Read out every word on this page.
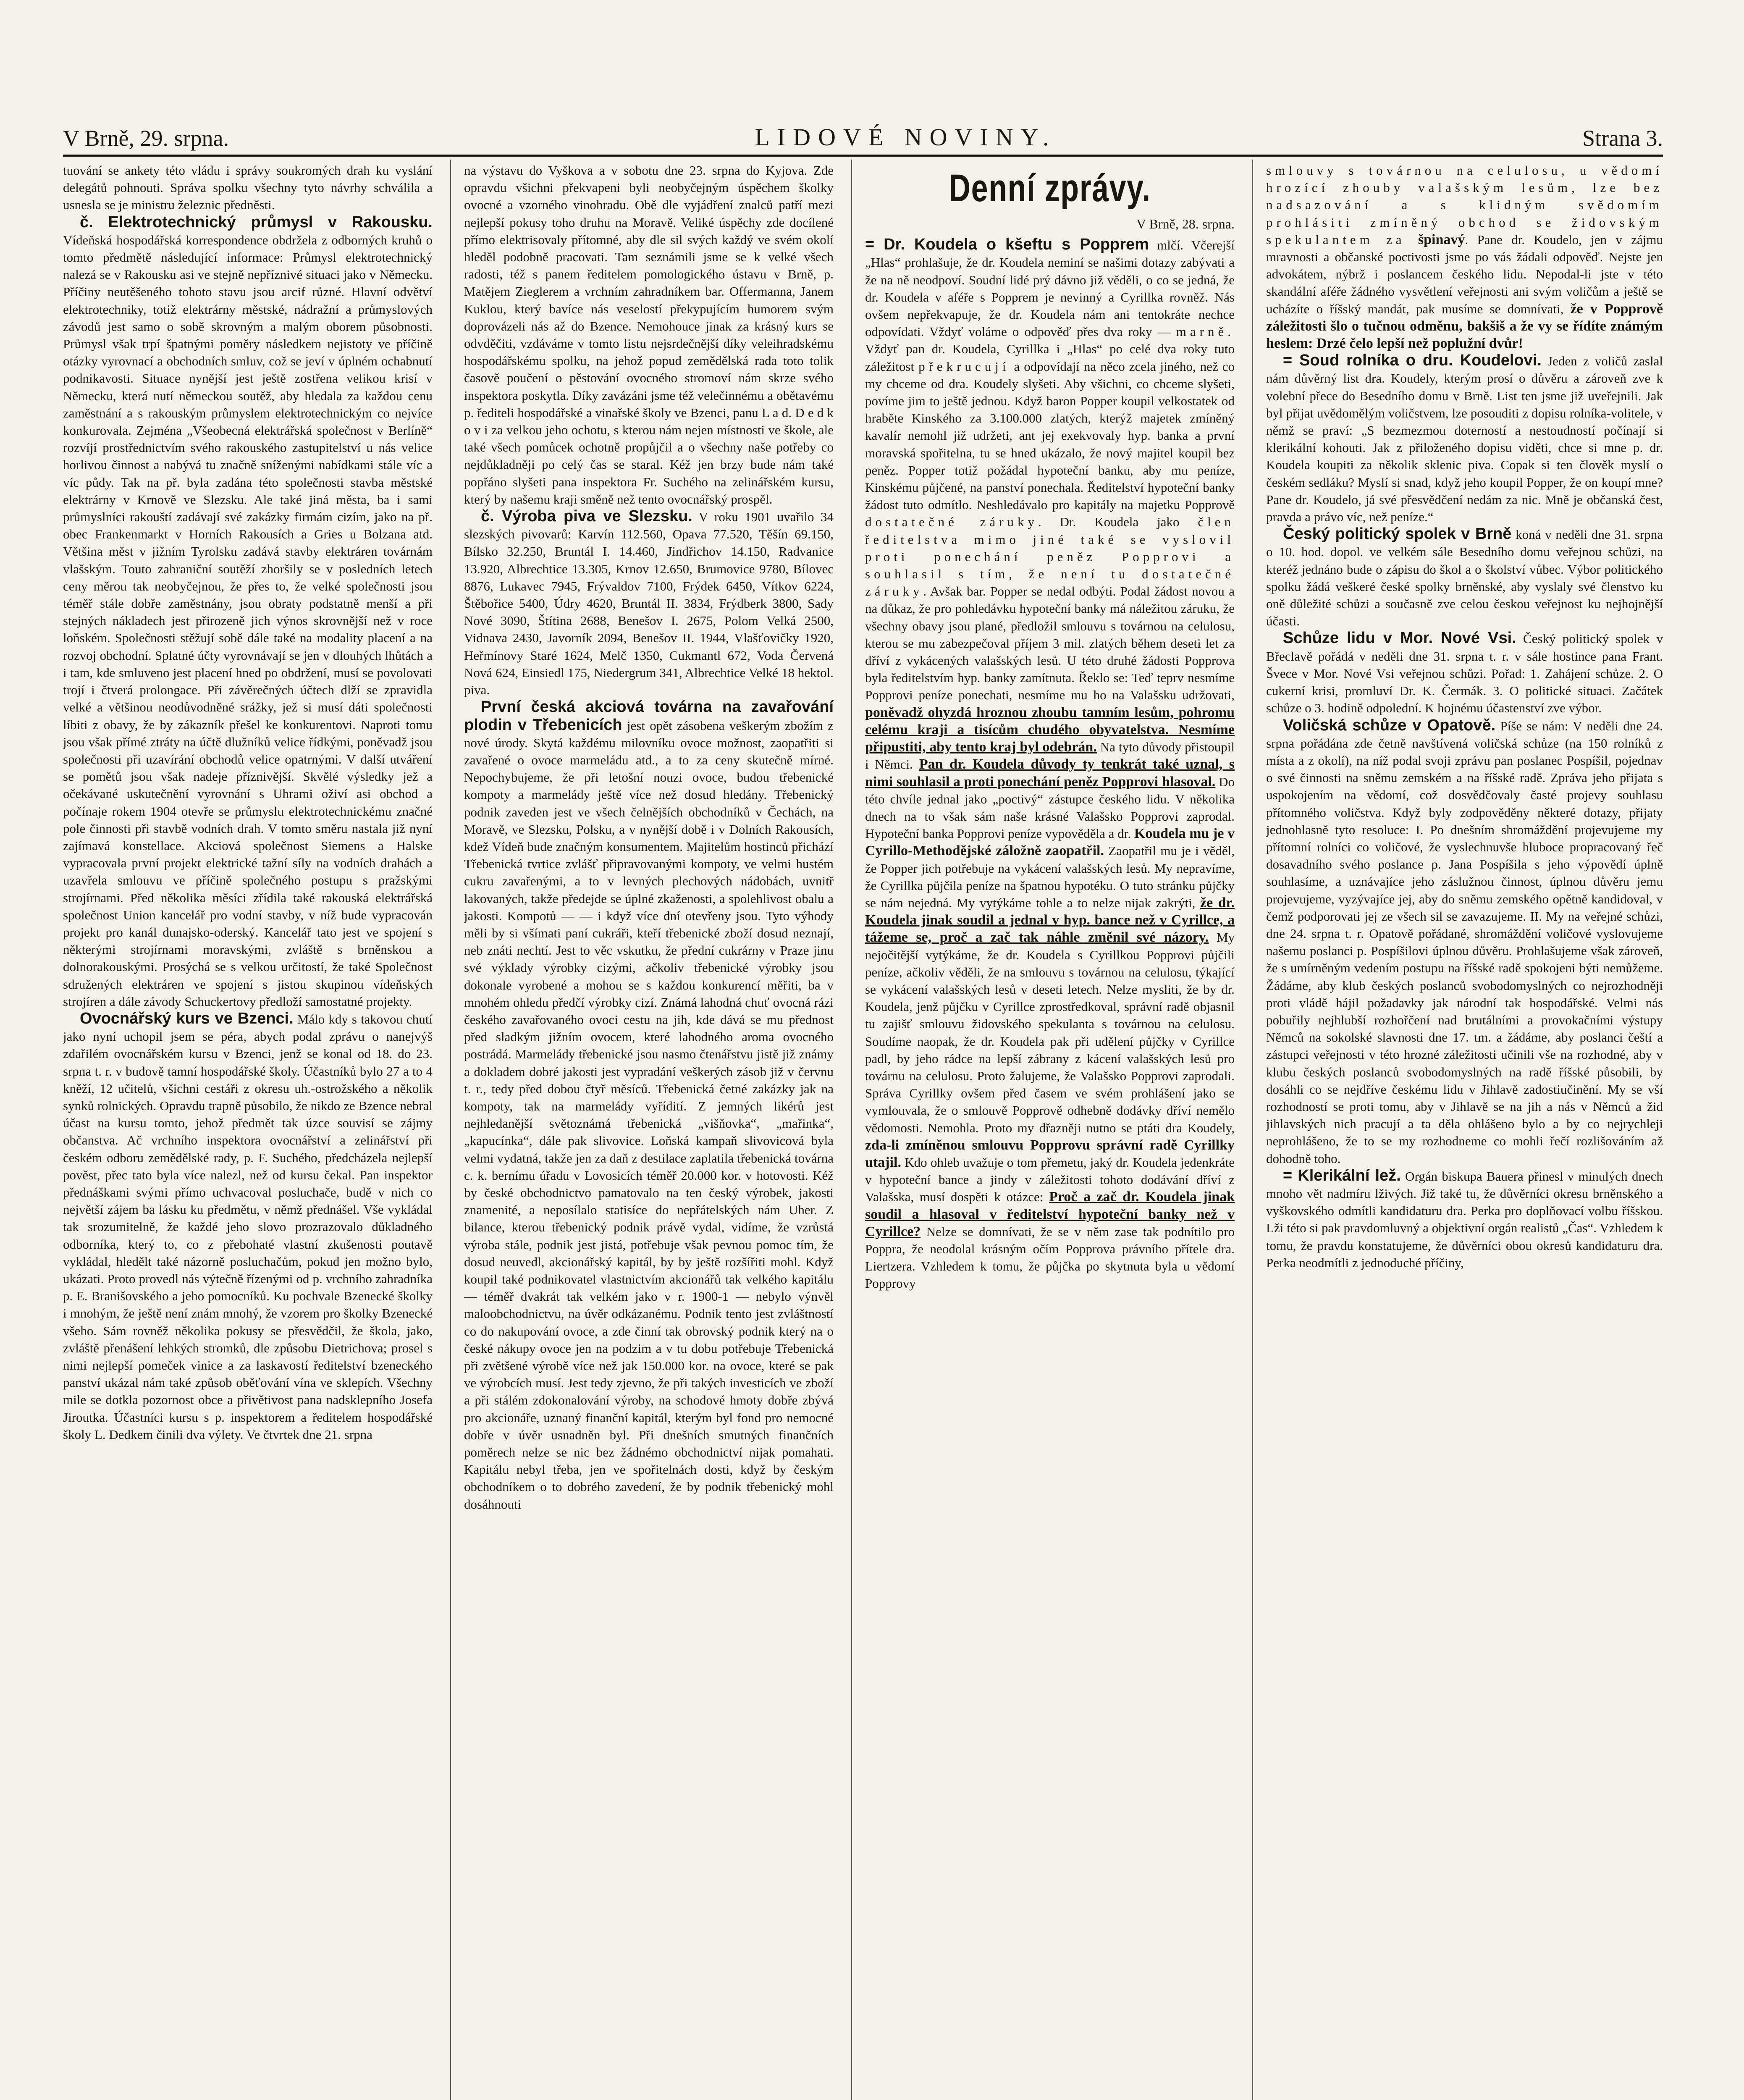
V Brně, 29. srpna.	LIDOVÉ NOVINY.	Strana 3.

tuování se ankety této vládu i správy soukromých drah ku vyslání delegátů pohnouti. Správa spolku všechny tyto návrhy schválila a usnesla se je ministru železnic předněsti.

č. Elektrotechnický průmysl v Rakousku. Vídeňská hospodářská korrespondence obdržela z odborných kruhů o tomto předmětě následující informace: Průmysl elektrotechnický nalezá se v Rakousku asi ve stejně nepříznivé situaci jako v Německu. Příčiny neutěšeného tohoto stavu jsou arcif různé. Hlavní odvětví elektrotechniky, totiž elektrárny městské, nádražní a průmyslových závodů jest samo o sobě skrovným a malým oborem působnosti. Průmysl však trpí špatnými poměry následkem nejistoty ve příčině otázky vyrovnací a obchodních smluv, což se jeví v úplném ochabnutí podnikavosti. Situace nynější jest ještě zostřena velikou krisí v Německu, která nutí německou soutěž, aby hledala za každou cenu zaměstnání a s rakouským průmyslem elektrotechnickým co nejvíce konkurovala. Zejména „Všeobecná elektrářská společnost v Berlíně“ rozvíjí prostřednictvím svého rakouského zastupitelství u nás velice horlivou činnost a nabývá tu značně sníženými nabídkami stále víc a víc půdy. Tak na př. byla zadána této společnosti stavba městské elektrárny v Krnově ve Slezsku. Ale také jiná města, ba i sami průmyslníci rakouští zadávají své zakázky firmám cizím, jako na př. obec Frankenmarkt v Horních Rakousích a Gries u Bolzana atd. Většina měst v jižním Tyrolsku zadává stavby elektráren továrnám vlašským. Touto zahraniční soutěží zhoršily se v posledních letech ceny měrou tak neobyčejnou, že přes to, že velké společnosti jsou téměř stále dobře zaměstnány, jsou obraty podstatně menší a při stejných nákladech jest přirozeně jich výnos skrovnější než v roce loňském. Společnosti stěžují sobě dále také na modality placení a na rozvoj obchodní. Splatné účty vyrovnávají se jen v dlouhých lhůtách a i tam, kde smluveno jest placení hned po obdržení, musí se povolovati trojí i čtverá prolongace. Při závěrečných účtech dlží se zpravidla velké a většinou neodůvodněné srážky, jež si musí dáti společnosti líbiti z obavy, že by zákazník přešel ke konkurentovi. Naproti tomu jsou však přímé ztráty na účtě dlužníků velice řídkými, poněvadž jsou společnosti při uzavírání obchodů velice opatrnými. V další utváření se pomětů jsou však nadeje příznivější. Skvělé výsledky jež a očekávané uskutečnění vyrovnání s Uhrami oživí asi obchod a počínaje rokem 1904 otevře se průmyslu elektrotechnickému značné pole činnosti při stavbě vodních drah. V tomto směru nastala již nyní zajímavá konstellace. Akciová společnost Siemens a Halske vypracovala první projekt elektrické tažní síly na vodních drahách a uzavřela smlouvu ve příčině společného postupu s pražskými strojírnami. Před několika měsíci zřídila také rakouská elektrářská společnost Union kancelář pro vodní stavby, v níž bude vypracován projekt pro kanál dunajsko-oderský. Kancelář tato jest ve spojení s některými strojírnami moravskými, zvláště s brněnskou a dolnorakouskými. Prosýchá se s velkou určitostí, že také Společnost sdružených elektráren ve spojení s jistou skupinou vídeňských strojíren a dále závody Schuckertovy předloží samostatné projekty.

Ovocnářský kurs ve Bzenci. Málo kdy s takovou chutí jako nyní uchopil jsem se péra, abych podal zprávu o nanejvýš zdařilém ovocnářském kursu v Bzenci, jenž se konal od 18. do 23. srpna t. r. v budově tamní hospodářské školy. Účastníků bylo 27 a to 4 kněží, 12 učitelů, všichni cestáři z okresu uh.-ostrožského a několik synků rolnických. Opravdu trapně působilo, že nikdo ze Bzence nebral účast na kursu tomto, jehož předmět tak úzce souvisí se zájmy občanstva. Ač vrchního inspektora ovocnářství a zelinářství při českém odboru zemědělské rady, p. F. Suchého, předcházela nejlepší pověst, přec tato byla více nalezl, než od kursu čekal. Pan inspektor přednáškami svými přímo uchvacoval posluchače, budě v nich co největší zájem ba lásku ku předmětu, v němž přednášel. Vše vykládal tak srozumitelně, že každé jeho slovo prozrazovalo důkladného odborníka, který to, co z přebohaté vlastní zkušenosti poutavě vykládal, hledělt také názorně posluchačům, pokud jen možno bylo, ukázati. Proto provedl nás výtečně řízenými od p. vrchního zahradníka p. E. Branišovského a jeho pomocníků. Ku pochvale Bzenecké školky i mnohým, že ještě není znám mnohý, že vzorem pro školky Bzenecké všeho. Sám rovněž několika pokusy se přesvědčil, že škola, jako, zvláště přenášení lehkých stromků, dle způsobu Dietrichova; prosel s nimi nejlepší pomeček vinice a za laskavostí ředitelství bzeneckého panství ukázal nám také způsob oběťování vína ve sklepích. Všechny mile se dotkla pozornost obce a přivětivost pana nadsklepního Josefa Jiroutka. Účastníci kursu s p. inspektorem a ředitelem hospodářské školy L. Dedkem činili dva výlety. Ve čtvrtek dne 21. srpna

na výstavu do Vyškova a v sobotu dne 23. srpna do Kyjova. Zde opravdu všichni překvapeni byli neobyčejným úspěchem školky ovocné a vzorného vinohradu. Obě dle vyjádření znalců patří mezi nejlepší pokusy toho druhu na Moravě. Veliké úspěchy zde docílené přímo elektrisovaly přítomné, aby dle sil svých každý ve svém okolí hleděl podobně pracovati. Tam seznámili jsme se k velké všech radosti, též s panem ředitelem pomologického ústavu v Brně, p. Matějem Zieglerem a vrchním zahradníkem bar. Offermanna, Janem Kuklou, který bavíce nás veselostí překypujícím humorem svým doprovázeli nás až do Bzence. Nemohouce jinak za krásný kurs se odvděčiti, vzdáváme v tomto listu nejsrdečnější díky veleihradskému hospodářskému spolku, na jehož popud zemědělská rada toto tolik časově poučení o pěstování ovocného stromoví nám skrze svého inspektora poskytla. Díky zavázáni jsme též velečinnému a obětavému p. řediteli hospodářské a vinařské školy ve Bzenci, panu L a d. D e d k o v i za velkou jeho ochotu, s kterou nám nejen místnosti ve škole, ale také všech pomůcek ochotně propůjčil a o všechny naše potřeby co nejdůkladněji po celý čas se staral. Kéž jen brzy bude nám také popřáno slyšeti pana inspektora Fr. Suchého na zelinářském kursu, který by našemu kraji směně než tento ovocnářský prospěl.

č. Výroba piva ve Slezsku. V roku 1901 uvařilo 34 slezských pivovarů: Karvín 112.560, Opava 77.520, Těšín 69.150, Bílsko 32.250, Bruntál I. 14.460, Jindřichov 14.150, Radvanice 13.920, Albrechtice 13.305, Krnov 12.650, Brumovice 9780, Bílovec 8876, Lukavec 7945, Frývaldov 7100, Frýdek 6450, Vítkov 6224, Štěbořice 5400, Údry 4620, Bruntál II. 3834, Frýdberk 3800, Sady Nové 3090, Štítina 2688, Benešov I. 2675, Polom Velká 2500, Vidnava 2430, Javorník 2094, Benešov II. 1944, Vlašťovičky 1920, Heřmínovy Staré 1624, Melč 1350, Cukmantl 672, Voda Červená Nová 624, Einsiedl 175, Niedergrum 341, Albrechtice Velké 18 hektol. piva.

První česká akciová továrna na zavařování plodin v Třebenicích jest opět zásobena veškerým zbožím z nové úrody. Skytá každému milovníku ovoce možnost, zaopatřiti si zavařené o ovoce marmeládu atd., a to za ceny skutečně mírné. Nepochybujeme, že při letošní nouzi ovoce, budou třebenické kompoty a marmelády ještě více než dosud hledány. Třebenický podnik zaveden jest ve všech čelnějších obchodníků v Čechách, na Moravě, ve Slezsku, Polsku, a v nynější době i v Dolních Rakousích, kdež Vídeň bude značným konsumentem. Majitelům hostinců přichází Třebenická tvrtice zvlášť připravovanými kompoty, ve velmi hustém cukru zavařenými, a to v levných plechových nádobách, uvnitř lakovaných, takže předejde se úplné zkaženosti, a spolehlivost obalu a jakosti. Kompotů — — i když více dní otevřeny jsou. Tyto výhody měli by si všímati paní cukráři, kteří třebenické zboží dosud neznají, neb znáti nechtí. Jest to věc vskutku, že přední cukrárny v Praze jinu své výklady výrobky cizými, ačkoliv třebenické výrobky jsou dokonale vyrobené a mohou se s každou konkurencí měřiti, ba v mnohém ohledu předčí výrobky cizí. Známá lahodná chuť ovocná rázi českého zavařovaného ovoci cestu na jih, kde dává se mu přednost před sladkým jižním ovocem, které lahodného aroma ovocného postrádá. Marmelády třebenické jsou nasmo čtenářstvu jistě již známy a dokladem dobré jakosti jest vypradání veškerých zásob již v červnu t. r., tedy před dobou čtyř měsíců. Třebenická četné zakázky jak na kompoty, tak na marmelády vyřídití. Z jemných likérů jest nejhledanější světoznámá třebenická „višňovka“, „mařinka“, „kapucínka“, dále pak slivovice. Loňská kampaň slivovicová byla velmi vydatná, takže jen za daň z destilace zaplatila třebenická továrna c. k. bernímu úřadu v Lovosicích téměř 20.000 kor. v hotovosti. Kéž by české obchodnictvo pamatovalo na ten český výrobek, jakosti znamenité, a neposílalo statisíce do nepřátelských nám Uher. Z bilance, kterou třebenický podnik právě vydal, vidíme, že vzrůstá výroba stále, podnik jest jistá, potřebuje však pevnou pomoc tím, že dosud neuvedl, akcionářský kapitál, by by ještě rozšířiti mohl. Když koupil také podnikovatel vlastnictvím akcionářů tak velkého kapitálu — téměř dvakrát tak velkém jako v r. 1900-1 — nebylo výnvěl maloobchodnictvu, na úvěr odkázanému. Podnik tento jest zvláštností co do nakupování ovoce, a zde činní tak obrovský podnik který na o české nákupy ovoce jen na podzim a v tu dobu potřebuje Třebenická při zvětšené výrobě více než jak 150.000 kor. na ovoce, které se pak ve výrobcích musí. Jest tedy zjevno, že při takých investicích ve zboží a při stálém zdokonalování výroby, na schodové hmoty dobře zbývá pro akcionáře, uznaný finanční kapitál, kterým byl fond pro nemocné dobře v úvěr usnadněn byl. Při dnešních smutných finančních poměrech nelze se nic bez žádnémo obchodnictví nijak pomahati. Kapitálu nebyl třeba, jen ve spořitelnách dosti, když by českým obchodníkem o to dobrého zavedení, že by podnik třebenický mohl dosáhnouti

Denní zprávy.
V Brně, 28. srpna.

= Dr. Koudela o kšeftu s Popprem mlčí. Včerejší „Hlas“ prohlašuje, že dr. Koudela neminí se našimi dotazy zabývati a že na ně neodpoví. Soudní lidé prý dávno již věděli, o co se jedná, že dr. Koudela v aféře s Popprem je nevinný a Cyrillka rovněž. Nás ovšem nepřekvapuje, že dr. Koudela nám ani tentokráte nechce odpovídati. Vždyť voláme o odpověď přes dva roky — marně. Vždyť pan dr. Koudela, Cyrillka i „Hlas“ po celé dva roky tuto záležitost překrucují a odpovídají na něco zcela jiného, než co my chceme od dra. Koudely slyšeti. Aby všichni, co chceme slyšeti, povíme jim to ještě jednou. Když baron Popper koupil velkostatek od hraběte Kinského za 3.100.000 zlatých, kterýž majetek zmíněný kavalír nemohl již udržeti, ant jej exekvovaly hyp. banka a první moravská spořitelna, tu se hned ukázalo, že nový majitel koupil bez peněz. Popper totiž požádal hypoteční banku, aby mu peníze, Kinskému půjčené, na panství ponechala. Ředitelství hypoteční banky žádost tuto odmítlo. Neshledávalo pro kapitály na majetku Popprově dostatečné záruky. Dr. Koudela jako člen ředitelstva mimo jiné také se vyslovil proti ponechání peněz Popprovi a souhlasil s tím, že není tu dostatečné záruky. Avšak bar. Popper se nedal odbýti. Podal žádost novou a na důkaz, že pro pohledávku hypoteční banky má náležitou záruku, že všechny obavy jsou plané, předložil smlouvu s továrnou na celulosu, kterou se mu zabezpečoval příjem 3 mil. zlatých během deseti let za dříví z vykácených valašských lesů. U této druhé žádosti Popprova byla ředitelstvím hyp. banky zamítnuta. Řeklo se: Teď teprv nesmíme Popprovi peníze ponechati, nesmíme mu ho na Valašsku udržovati, poněvadž ohyzdá hroznou zhoubu tamním lesům, pohromu celému kraji a tisícům chudého obyvatelstva. Nesmíme připustiti, aby tento kraj byl odebrán. Na tyto důvody přistoupil i Němci. Pan dr. Koudela důvody ty tenkrát také uznal, s nimi souhlasil a proti ponechání peněz Popprovi hlasoval. Do této chvíle jednal jako „poctivý“ zástupce českého lidu. V několika dnech na to však sám naše krásné Valašsko Popprovi zaprodal. Hypoteční banka Popprovi peníze vypověděla a dr. Koudela mu je v Cyrillo-Methodějské záložně zaopatřil. Zaopatřil mu je i věděl, že Popper jich potřebuje na vykácení valašských lesů. My nepravíme, že Cyrillka půjčila peníze na špatnou hypotéku. O tuto stránku půjčky se nám nejedná. My vytýkáme tohle a to nelze nijak zakrýti, že dr. Koudela jinak soudil a jednal v hyp. bance než v Cyrillce, a tážeme se, proč a zač tak náhle změnil své názory. My nejočitější vytýkáme, že dr. Koudela s Cyrillkou Popprovi půjčili peníze, ačkoliv věděli, že na smlouvu s továrnou na celulosu, týkající se vykácení valašských lesů v deseti letech. Nelze mysliti, že by dr. Koudela, jenž půjčku v Cyrillce zprostředkoval, správní radě objasnil tu zajišť smlouvu židovského spekulanta s továrnou na celulosu. Soudíme naopak, že dr. Koudela pak při udělení půjčky v Cyrillce padl, by jeho rádce na lepší zábrany z kácení valašských lesů pro továrnu na celulosu. Proto žalujeme, že Valašsko Popprovi zaprodali. Správa Cyrillky ovšem před časem ve svém prohlášení jako se vymlouvala, že o smlouvě Popprově odhebně dodávky dříví nemělo vědomosti. Nemohla. Proto my dřazněji nutno se ptáti dra Koudely, zda-li zmíněnou smlouvu Popprovu správní radě Cyrillky utajil. Kdo ohleb uvažuje o tom přemetu, jaký dr. Koudela jedenkráte v hypoteční bance a jindy v záležitosti tohoto dodávání dříví z Valašska, musí dospěti k otázce: Proč a zač dr. Koudela jinak soudil a hlasoval v ředitelství hypoteční banky než v Cyrillce? Nelze se domnívati, že se v něm zase tak podnítilo pro Poppra, že neodolal krásným očím Popprova právního přítele dra. Liertzera. Vzhledem k tomu, že půjčka po skytnuta byla u vědomí Popprovy

smlouvy s továrnou na celulosu, u vědomí hrozící zhouby valašským lesům, lze bez nadsazování a s klidným svědomím prohlásiti zmíněný obchod se židovským spekulantem za špinavý. Pane dr. Koudelo, jen v zájmu mravnosti a občanské poctivosti jsme po vás žádali odpověď. Nejste jen advokátem, nýbrž i poslancem českého lidu. Nepodal-li jste v této skandální aféře žádného vysvětlení veřejnosti ani svým voličům a ještě se ucházíte o říšský mandát, pak musíme se domnívati, že v Popprově záležitosti šlo o tučnou odměnu, bakšiš a že vy se řídíte známým heslem: Drzé čelo lepší než poplužní dvůr!

= Soud rolníka o dru. Koudelovi. Jeden z voličů zaslal nám důvěrný list dra. Koudely, kterým prosí o důvěru a zároveň zve k volební přece do Besedního domu v Brně. List ten jsme již uveřejnili. Jak byl přijat uvědomělým voličstvem, lze posouditi z dopisu rolníka-volitele, v němž se praví: „S bezmezmou doterností a nestoudností počínají si klerikální kohouti. Jak z přiloženého dopisu viděti, chce si mne p. dr. Koudela koupiti za několik sklenic piva. Copak si ten člověk myslí o českém sedláku? Myslí si snad, když jeho koupil Popper, že on koupí mne? Pane dr. Koudelo, já své přesvědčení nedám za nic. Mně je občanská čest, pravda a právo víc, než peníze.“

Český politický spolek v Brně koná v neděli dne 31. srpna o 10. hod. dopol. ve velkém sále Besedního domu veřejnou schůzi, na kteréž jednáno bude o zápisu do škol a o školství vůbec. Výbor politického spolku žádá veškeré české spolky brněnské, aby vyslaly své členstvo ku oně důležité schůzi a současně zve celou českou veřejnost ku nejhojnější účasti.

Schůze lidu v Mor. Nové Vsi. Český politický spolek v Břeclavě pořádá v neděli dne 31. srpna t. r. v sále hostince pana Frant. Švece v Mor. Nové Vsi veřejnou schůzi. Pořad: 1. Zahájení schůze. 2. O cukerní krisi, promluví Dr. K. Čermák. 3. O politické situaci. Začátek schůze o 3. hodině odpolední. K hojnému účastenství zve výbor.

Voličská schůze v Opatově. Píše se nám: V neděli dne 24. srpna pořádána zde četně navštívená voličská schůze (na 150 rolníků z místa a z okolí), na níž podal svoji zprávu pan poslanec Pospíšil, pojednav o své činnosti na sněmu zemském a na říšské radě. Zpráva jeho přijata s uspokojením na vědomí, což dosvědčovaly časté projevy souhlasu přítomného voličstva. Když byly zodpověděny některé dotazy, přijaty jednohlasně tyto resoluce: I. Po dnešním shromáždění projevujeme my přítomní rolníci co voličové, že vyslechnuvše hluboce propracovaný řeč dosavadního svého poslance p. Jana Pospíšila s jeho výpovědí úplně souhlasíme, a uznávajíce jeho záslužnou činnost, úplnou důvěru jemu projevujeme, vyzývajíce jej, aby do sněmu zemského opětně kandidoval, v čemž podporovati jej ze všech sil se zavazujeme. II. My na veřejné schůzi, dne 24. srpna t. r. Opatově pořádané, shromáždění voličové vyslovujeme našemu poslanci p. Pospíšilovi úplnou důvěru. Prohlašujeme však zároveň, že s umírněným vedením postupu na říšské radě spokojeni býti nemůžeme. Žádáme, aby klub českých poslanců svobodomyslných co nejrozhodněji proti vládě hájil požadavky jak národní tak hospodářské. Velmi nás pobuřily nejhlubší rozhořčení nad brutálními a provokačními výstupy Němců na sokolské slavnosti dne 17. tm. a žádáme, aby poslanci čeští a zástupci veřejnosti v této hrozné záležitosti učinili vše na rozhodné, aby v klubu českých poslanců svobodomyslných na radě říšské působili, by dosáhli co se nejdříve českému lidu v Jihlavě zadostiučinění. My se vší rozhodností se proti tomu, aby v Jihlavě se na jih a nás v Němců a žid jihlavských nich pracují a ta děla ohlášeno bylo a by co nejrychleji neprohlášeno, že to se my rozhodneme co mohli řečí rozlišováním až dohodně toho.

= Klerikální lež. Orgán biskupa Bauera přinesl v minulých dnech mnoho vět nadmíru lživých. Již také tu, že důvěrníci okresu brněnského a vyškovského odmítli kandidaturu dra. Perka pro doplňovací volbu říšskou. Lži této si pak pravdomluvný a objektivní orgán realistů „Čas“. Vzhledem k tomu, že pravdu konstatujeme, že důvěrníci obou okresů kandidaturu dra. Perka neodmítli z jednoduché příčiny,
